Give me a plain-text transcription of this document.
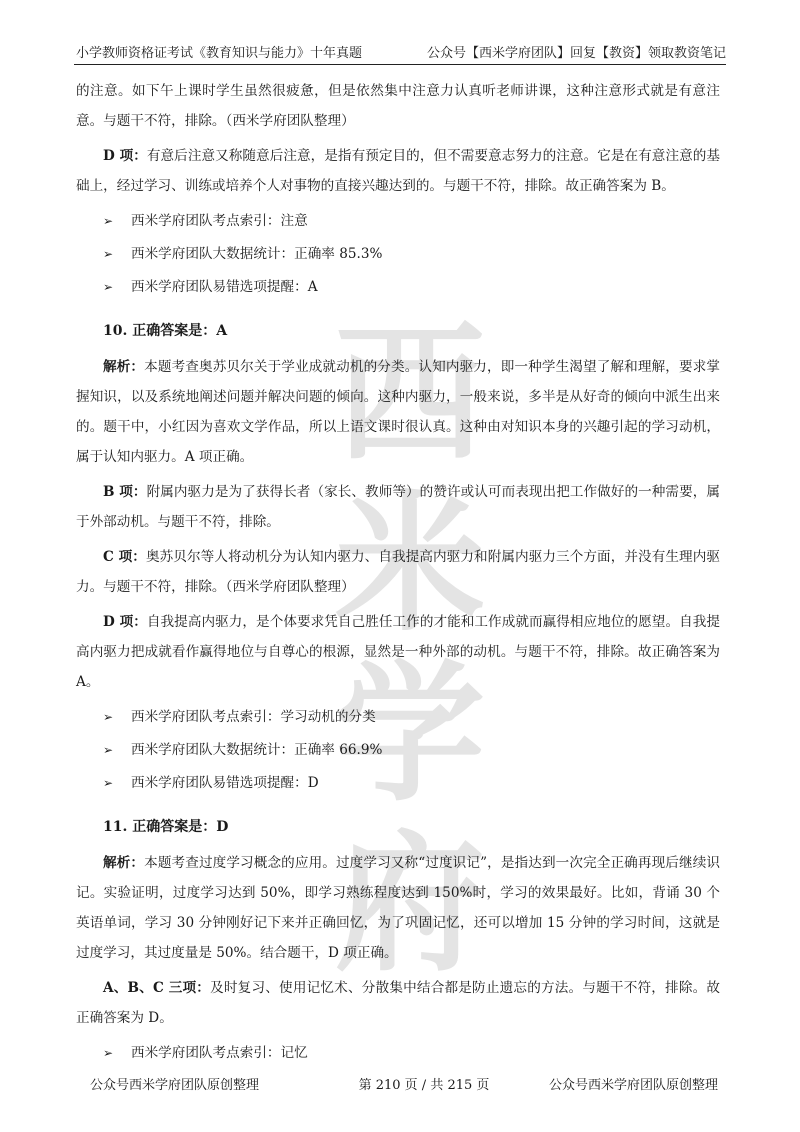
小学教师资格证考试《教育知识与能力》十年真题	公众号【西米学府团队】回复【教资】领取教资笔记
西米
学府

的注意。如下午上课时学生虽然很疲惫，但是依然集中注意力认真听老师讲课，这种注意形式就是有意注意。与题干不符，排除。（西米学府团队整理）

D 项：有意后注意又称随意后注意，是指有预定目的，但不需要意志努力的注意。它是在有意注意的基础上，经过学习、训练或培养个人对事物的直接兴趣达到的。与题干不符，排除。故正确答案为 B。

➢	西米学府团队考点索引：注意
➢	西米学府团队大数据统计：正确率 85.3%
➢	西米学府团队易错选项提醒：A
10. 正确答案是：A

解析：本题考查奥苏贝尔关于学业成就动机的分类。认知内驱力，即一种学生渴望了解和理解，要求掌握知识，以及系统地阐述问题并解决问题的倾向。这种内驱力，一般来说，多半是从好奇的倾向中派生出来的。题干中，小红因为喜欢文学作品，所以上语文课时很认真。这种由对知识本身的兴趣引起的学习动机，属于认知内驱力。A 项正确。

B 项：附属内驱力是为了获得长者（家长、教师等）的赞许或认可而表现出把工作做好的一种需要，属于外部动机。与题干不符，排除。

C 项：奥苏贝尔等人将动机分为认知内驱力、自我提高内驱力和附属内驱力三个方面，并没有生理内驱力。与题干不符，排除。（西米学府团队整理）

D 项：自我提高内驱力，是个体要求凭自己胜任工作的才能和工作成就而赢得相应地位的愿望。自我提高内驱力把成就看作赢得地位与自尊心的根源，显然是一种外部的动机。与题干不符，排除。故正确答案为 A。

➢	西米学府团队考点索引：学习动机的分类
➢	西米学府团队大数据统计：正确率 66.9%
➢	西米学府团队易错选项提醒：D
11. 正确答案是：D

解析：本题考查过度学习概念的应用。过度学习又称“过度识记”，是指达到一次完全正确再现后继续识记。实验证明，过度学习达到 50%，即学习熟练程度达到 150%时，学习的效果最好。比如，背诵 30 个英语单词，学习 30 分钟刚好记下来并正确回忆，为了巩固记忆，还可以增加 15 分钟的学习时间，这就是过度学习，其过度量是 50%。结合题干，D 项正确。

A、B、C 三项：及时复习、使用记忆术、分散集中结合都是防止遗忘的方法。与题干不符，排除。故正确答案为 D。

➢	西米学府团队考点索引：记忆
公众号西米学府团队原创整理	第 210 页 / 共 215 页	公众号西米学府团队原创整理
